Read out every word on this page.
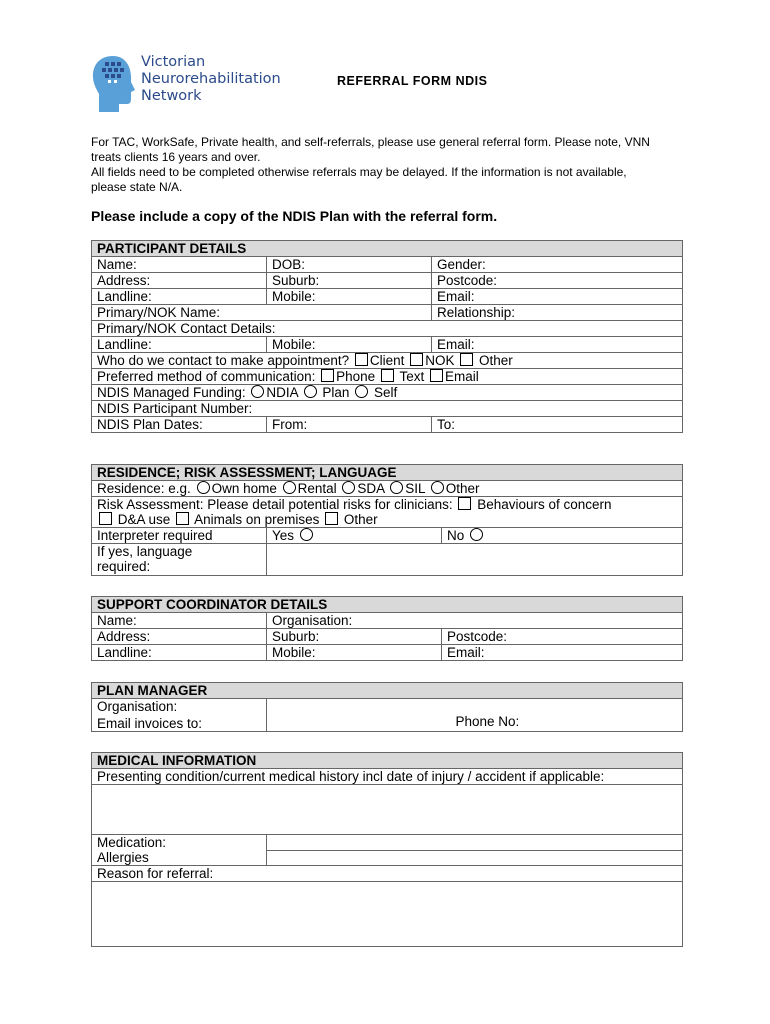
Victorian
Neurorehabilitation
Network
REFERRAL FORM NDIS

For TAC, WorkSafe, Private health, and self-referrals, please use general referral form. Please note, VNN treats clients 16 years and over.

All fields need to be completed otherwise referrals may be delayed. If the information is not available, please state N/A.

Please include a copy of the NDIS Plan with the referral form.
PARTICIPANT DETAILS		
Name:	DOB:	Gender:
Address:	Suburb:	Postcode:
Landline:	Mobile:	Email:
Primary/NOK Name:		Relationship:
Primary/NOK Contact Details:		
Landline:	Mobile:	Email:
Who do we contact to make appointment? Client NOK Other		
Preferred method of communication: Phone Text Email		
NDIS Managed Funding: NDIA Plan Self		
NDIS Participant Number:		
NDIS Plan Dates:	From:	To:
RESIDENCE; RISK ASSESSMENT; LANGUAGE		
Residence: e.g. Own home Rental SDA SIL Other		
Risk Assessment: Please detail potential risks for clinicians: Behaviours of concern
D&A use Animals on premises Other		
Interpreter required	Yes	No
If yes, language
required:		
SUPPORT COORDINATOR DETAILS		
Name:	Organisation:	
Address:	Suburb:	Postcode:
Landline:	Mobile:	Email:
PLAN MANAGER		
Organisation:		
Email invoices to:		Phone No:
MEDICAL INFORMATION	
Presenting condition/current medical history incl date of injury / accident if applicable:	

Medication:	
Allergies	
Reason for referral:	
